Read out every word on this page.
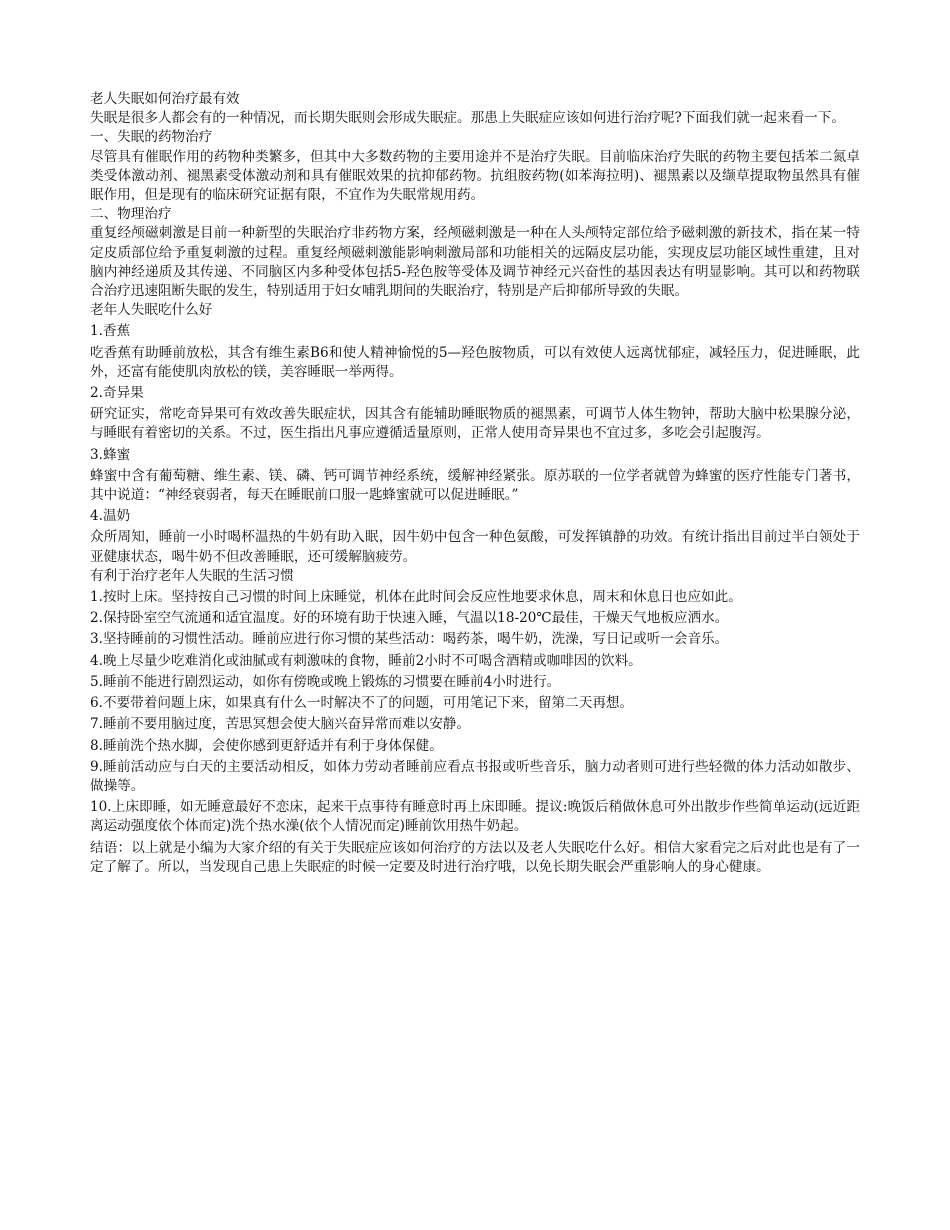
老人失眠如何治疗最有效

失眠是很多人都会有的一种情况，而长期失眠则会形成失眠症。那患上失眠症应该如何进行治疗呢?下面我们就一起来看一下。

一、失眠的药物治疗

尽管具有催眠作用的药物种类繁多，但其中大多数药物的主要用途并不是治疗失眠。目前临床治疗失眠的药物主要包括苯二氮卓类受体激动剂、褪黑素受体激动剂和具有催眠效果的抗抑郁药物。抗组胺药物(如苯海拉明)、褪黑素以及缬草提取物虽然具有催眠作用，但是现有的临床研究证据有限，不宜作为失眠常规用药。

二、物理治疗

重复经颅磁刺激是目前一种新型的失眠治疗非药物方案，经颅磁刺激是一种在人头颅特定部位给予磁刺激的新技术，指在某一特定皮质部位给予重复刺激的过程。重复经颅磁刺激能影响刺激局部和功能相关的远隔皮层功能，实现皮层功能区域性重建，且对脑内神经递质及其传递、不同脑区内多种受体包括5-羟色胺等受体及调节神经元兴奋性的基因表达有明显影响。其可以和药物联合治疗迅速阻断失眠的发生，特别适用于妇女哺乳期间的失眠治疗，特别是产后抑郁所导致的失眠。

老年人失眠吃什么好

1.香蕉

吃香蕉有助睡前放松，其含有维生素B6和使人精神愉悦的5—羟色胺物质，可以有效使人远离忧郁症，减轻压力，促进睡眠，此外，还富有能使肌肉放松的镁，美容睡眠一举两得。

2.奇异果

研究证实，常吃奇异果可有效改善失眠症状，因其含有能辅助睡眠物质的褪黑素，可调节人体生物钟，帮助大脑中松果腺分泌，与睡眠有着密切的关系。不过，医生指出凡事应遵循适量原则，正常人使用奇异果也不宜过多，多吃会引起腹泻。

3.蜂蜜

蜂蜜中含有葡萄糖、维生素、镁、磷、钙可调节神经系统，缓解神经紧张。原苏联的一位学者就曾为蜂蜜的医疗性能专门著书，其中说道：“神经衰弱者，每天在睡眠前口服一匙蜂蜜就可以促进睡眠。”

4.温奶

众所周知，睡前一小时喝杯温热的牛奶有助入眠，因牛奶中包含一种色氨酸，可发挥镇静的功效。有统计指出目前过半白领处于亚健康状态，喝牛奶不但改善睡眠，还可缓解脑疲劳。

有利于治疗老年人失眠的生活习惯

1.按时上床。坚持按自己习惯的时间上床睡觉，机体在此时间会反应性地要求休息，周末和休息日也应如此。

2.保持卧室空气流通和适宜温度。好的环境有助于快速入睡，气温以18-20℃最佳，干燥天气地板应洒水。

3.坚持睡前的习惯性活动。睡前应进行你习惯的某些活动：喝药茶，喝牛奶，洗澡，写日记或听一会音乐。

4.晚上尽量少吃难消化或油腻或有刺激味的食物，睡前2小时不可喝含酒精或咖啡因的饮料。

5.睡前不能进行剧烈运动，如你有傍晚或晚上锻炼的习惯要在睡前4小时进行。

6.不要带着问题上床，如果真有什么一时解决不了的问题，可用笔记下来，留第二天再想。

7.睡前不要用脑过度，苦思冥想会使大脑兴奋异常而难以安静。

8.睡前洗个热水脚，会使你感到更舒适并有利于身体保健。

9.睡前活动应与白天的主要活动相反，如体力劳动者睡前应看点书报或听些音乐，脑力动者则可进行些轻微的体力活动如散步、做操等。

10.上床即睡，如无睡意最好不恋床，起来干点事待有睡意时再上床即睡。提议:晚饭后稍做休息可外出散步作些简单运动(远近距离运动强度依个体而定)洗个热水澡(依个人情况而定)睡前饮用热牛奶起。

结语：以上就是小编为大家介绍的有关于失眠症应该如何治疗的方法以及老人失眠吃什么好。相信大家看完之后对此也是有了一定了解了。所以，当发现自己患上失眠症的时候一定要及时进行治疗哦，以免长期失眠会严重影响人的身心健康。
